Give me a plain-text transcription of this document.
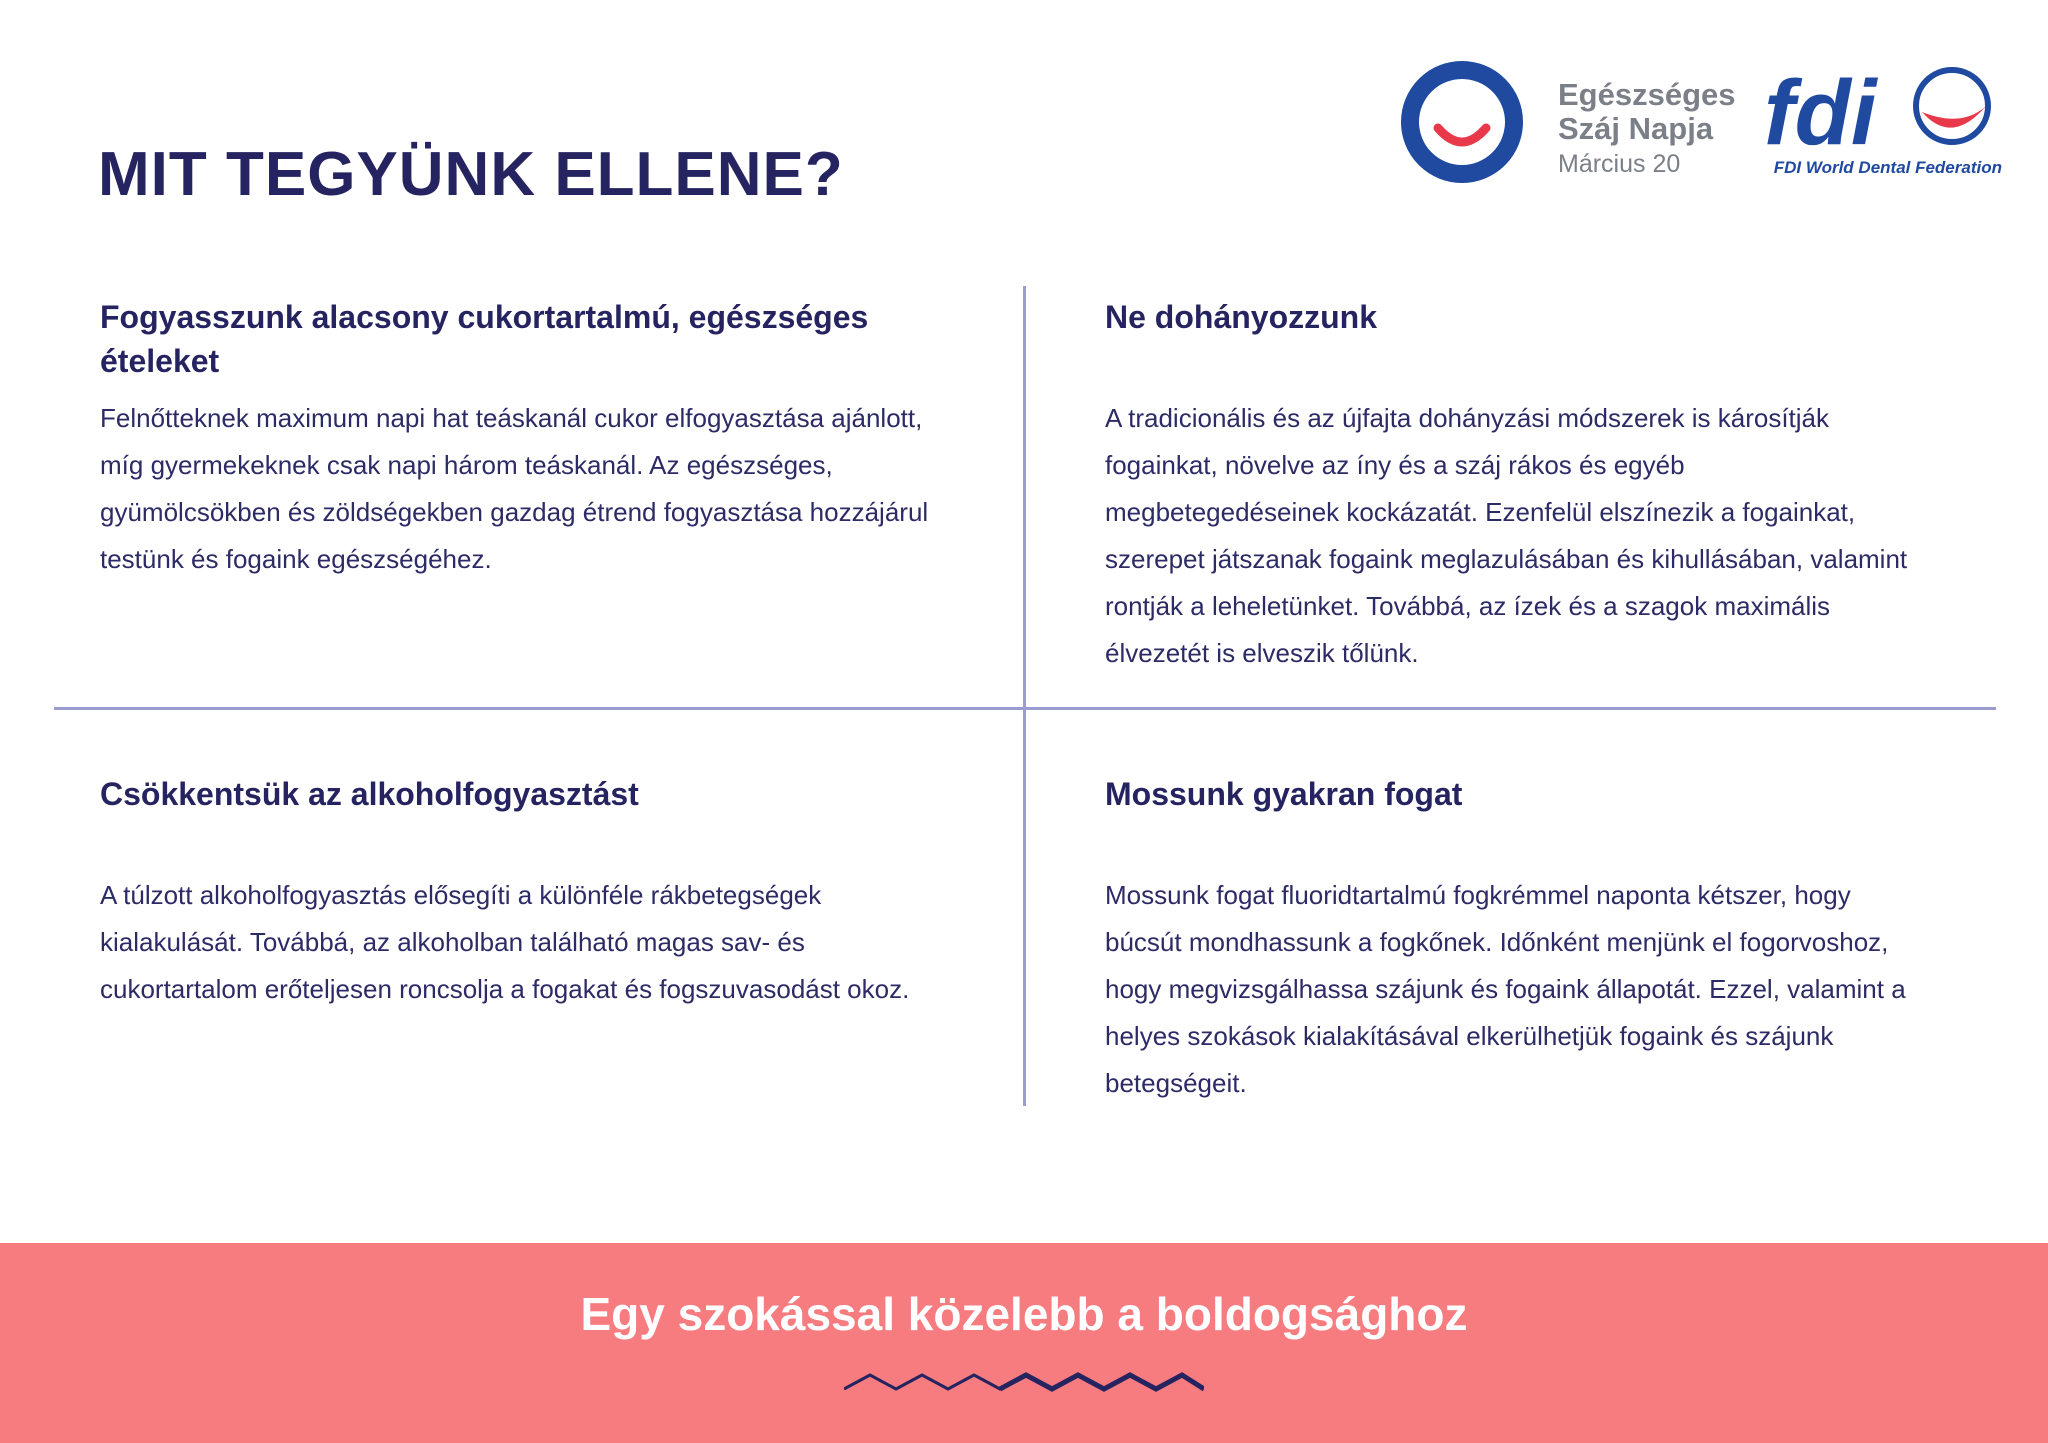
MIT TEGYÜNK ELLENE?
Egészséges
Száj Napja
Március 20 fdi
FDI World Dental Federation
Fogyasszunk alacsony cukortartalmú, egészséges ételeket

Felnőtteknek maximum napi hat teáskanál cukor elfogyasztása ajánlott, míg gyermekeknek csak napi három teáskanál. Az egészséges, gyümölcsökben és zöldségekben gazdag étrend fogyasztása hozzájárul testünk és fogaink egészségéhez.

Ne dohányozzunk

A tradicionális és az újfajta dohányzási módszerek is károsítják fogainkat, növelve az íny és a száj rákos és egyéb megbetegedéseinek kockázatát. Ezenfelül elszínezik a fogainkat, szerepet játszanak fogaink meglazulásában és kihullásában, valamint rontják a leheletünket. Továbbá, az ízek és a szagok maximális élvezetét is elveszik tőlünk.

Csökkentsük az alkoholfogyasztást

A túlzott alkoholfogyasztás elősegíti a különféle rákbetegségek kialakulását. Továbbá, az alkoholban található magas sav- és cukortartalom erőteljesen roncsolja a fogakat és fogszuvasodást okoz.

Mossunk gyakran fogat

Mossunk fogat fluoridtartalmú fogkrémmel naponta kétszer, hogy búcsút mondhassunk a fogkőnek. Időnként menjünk el fogorvoshoz, hogy megvizsgálhassa szájunk és fogaink állapotát. Ezzel, valamint a helyes szokások kialakításával elkerülhetjük fogaink és szájunk betegségeit.

Egy szokással közelebb a boldogsághoz
